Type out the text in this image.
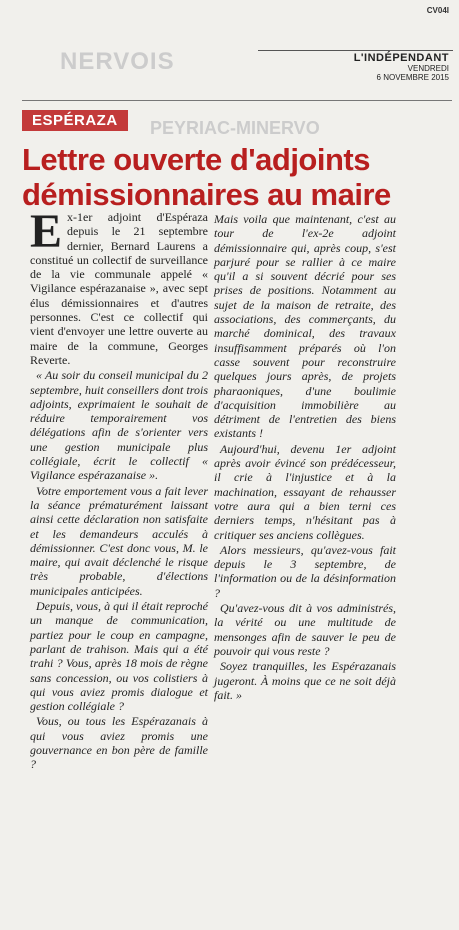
CV04I
NERVOIS
PEYRIAC-MINERVO
L'INDÉPENDANT
VENDREDI
6 NOVEMBRE 2015
ESPÉRAZA
Lettre ouverte d'adjoints démissionnaires au maire

Ex-1er adjoint d'Espéraza depuis le 21 septembre dernier, Bernard Laurens a constitué un collectif de surveillance de la vie communale appelé « Vigilance espérazanaise », avec sept élus démissionnaires et d'autres personnes. C'est ce collectif qui vient d'envoyer une lettre ouverte au maire de la commune, Georges Reverte.

« Au soir du conseil municipal du 2 septembre, huit conseillers dont trois adjoints, exprimaient le souhait de réduire temporairement vos délégations afin de s'orienter vers une gestion municipale plus collégiale, écrit le collectif « Vigilance espérazanaise ».

Votre emportement vous a fait lever la séance prématurément laissant ainsi cette déclaration non satisfaite et les demandeurs acculés à démissionner. C'est donc vous, M. le maire, qui avait déclenché le risque très probable, d'élections municipales anticipées.

Depuis, vous, à qui il était reproché un manque de communication, partiez pour le coup en campagne, parlant de trahison. Mais qui a été trahi ? Vous, après 18 mois de règne sans concession, ou vos colistiers à qui vous aviez promis dialogue et gestion collégiale ?

Vous, ou tous les Espérazanais à qui vous aviez promis une gouvernance en bon père de famille ?

Mais voila que maintenant, c'est au tour de l'ex-2e adjoint démissionnaire qui, après coup, s'est parjuré pour se rallier à ce maire qu'il a si souvent décrié pour ses prises de positions. Notamment au sujet de la maison de retraite, des associations, des commerçants, du marché dominical, des travaux insuffisamment préparés où l'on casse souvent pour reconstruire quelques jours après, de projets pharaoniques, d'une boulimie d'acquisition immobilière au détriment de l'entretien des biens existants !

Aujourd'hui, devenu 1er adjoint après avoir évincé son prédécesseur, il crie à l'injustice et à la machination, essayant de rehausser votre aura qui a bien terni ces derniers temps, n'hésitant pas à critiquer ses anciens collègues.

Alors messieurs, qu'avez-vous fait depuis le 3 septembre, de l'information ou de la désinformation ?

Qu'avez-vous dit à vos administrés, la vérité ou une multitude de mensonges afin de sauver le peu de pouvoir qui vous reste ?

Soyez tranquilles, les Espérazanais jugeront. À moins que ce ne soit déjà fait. »
